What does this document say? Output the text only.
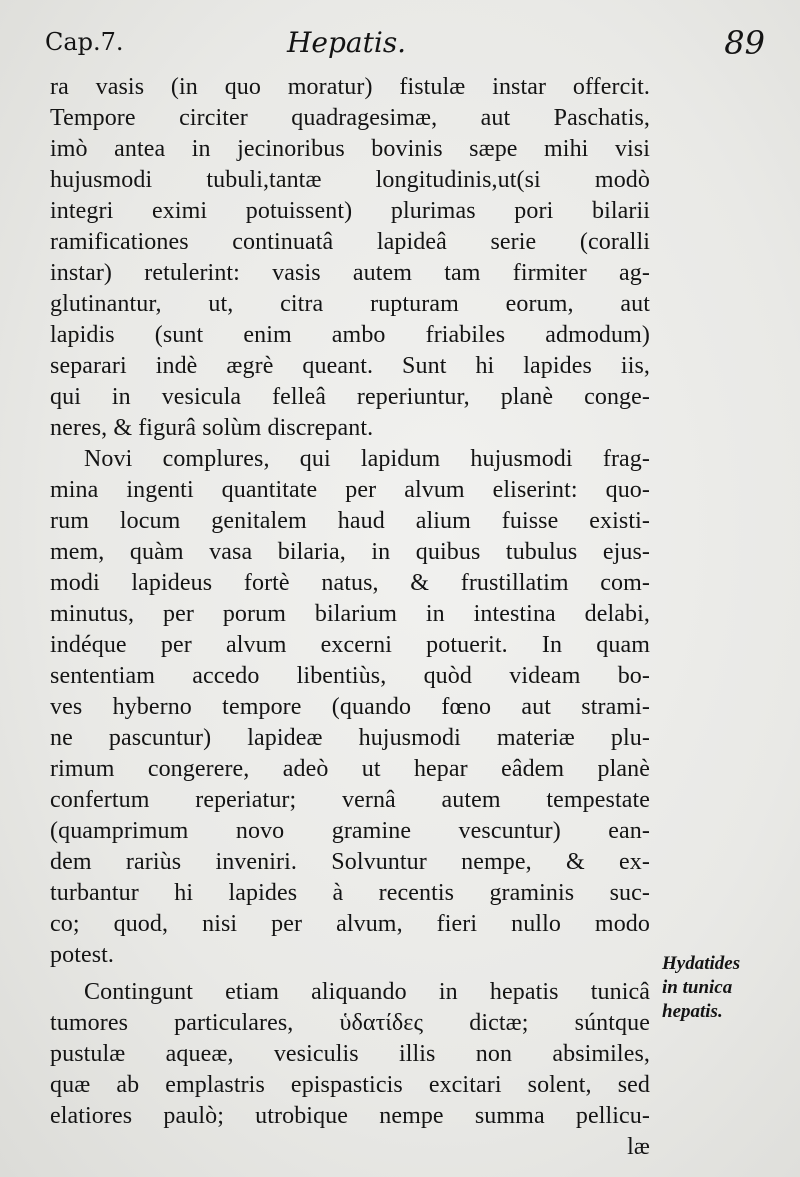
Cap.7.	Hepatis.	89
ra vasis (in quo moratur) fistulæ instar offercit.
Tempore circiter quadragesimæ, aut Paschatis,
imò antea in jecinoribus bovinis sæpe mihi visi
hujusmodi tubuli,tantæ longitudinis,ut(si modò
integri eximi potuissent) plurimas pori bilarii
ramificationes continuatâ lapideâ serie (coralli
instar) retulerint: vasis autem tam firmiter ag-
glutinantur, ut, citra rupturam eorum, aut
lapidis (sunt enim ambo friabiles admodum)
separari indè ægrè queant. Sunt hi lapides iis,
qui in vesicula felleâ reperiuntur, planè conge-
neres, & figurâ solùm discrepant.
Novi complures, qui lapidum hujusmodi frag-
mina ingenti quantitate per alvum eliserint: quo-
rum locum genitalem haud alium fuisse existi-
mem, quàm vasa bilaria, in quibus tubulus ejus-
modi lapideus fortè natus, & frustillatim com-
minutus, per porum bilarium in intestina delabi,
indéque per alvum excerni potuerit. In quam
sententiam accedo libentiùs, quòd videam bo-
ves hyberno tempore (quando fœno aut strami-
ne pascuntur) lapideæ hujusmodi materiæ plu-
rimum congerere, adeò ut hepar eâdem planè
confertum reperiatur; vernâ autem tempestate
(quamprimum novo gramine vescuntur) ean-
dem rariùs inveniri. Solvuntur nempe, & ex-
turbantur hi lapides à recentis graminis suc-
co; quod, nisi per alvum, fieri nullo modo
potest.
Contingunt etiam aliquando in hepatis tunicâ
tumores particulares, ὑδατίδες dictæ; súntque
pustulæ aqueæ, vesiculis illis non absimiles,
quæ ab emplastris epispasticis excitari solent, sed
elatiores paulò; utrobique nempe summa pellicu-
læ
Hydatides
in tunica
hepatis.
